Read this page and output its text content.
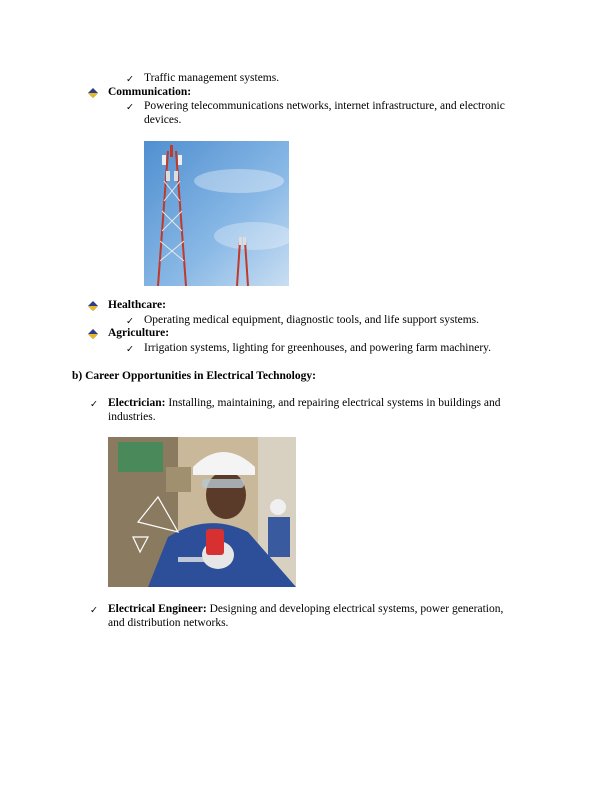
✓ Traffic management systems.
Communication:
✓ Powering telecommunications networks, internet infrastructure, and electronic
devices.
Healthcare:
✓ Operating medical equipment, diagnostic tools, and life support systems.
Agriculture:
✓ Irrigation systems, lighting for greenhouses, and powering farm machinery.
b) Career Opportunities in Electrical Technology:
✓ Electrician: Installing, maintaining, and repairing electrical systems in buildings and
industries.
✓ Electrical Engineer: Designing and developing electrical systems, power generation,
and distribution networks.
